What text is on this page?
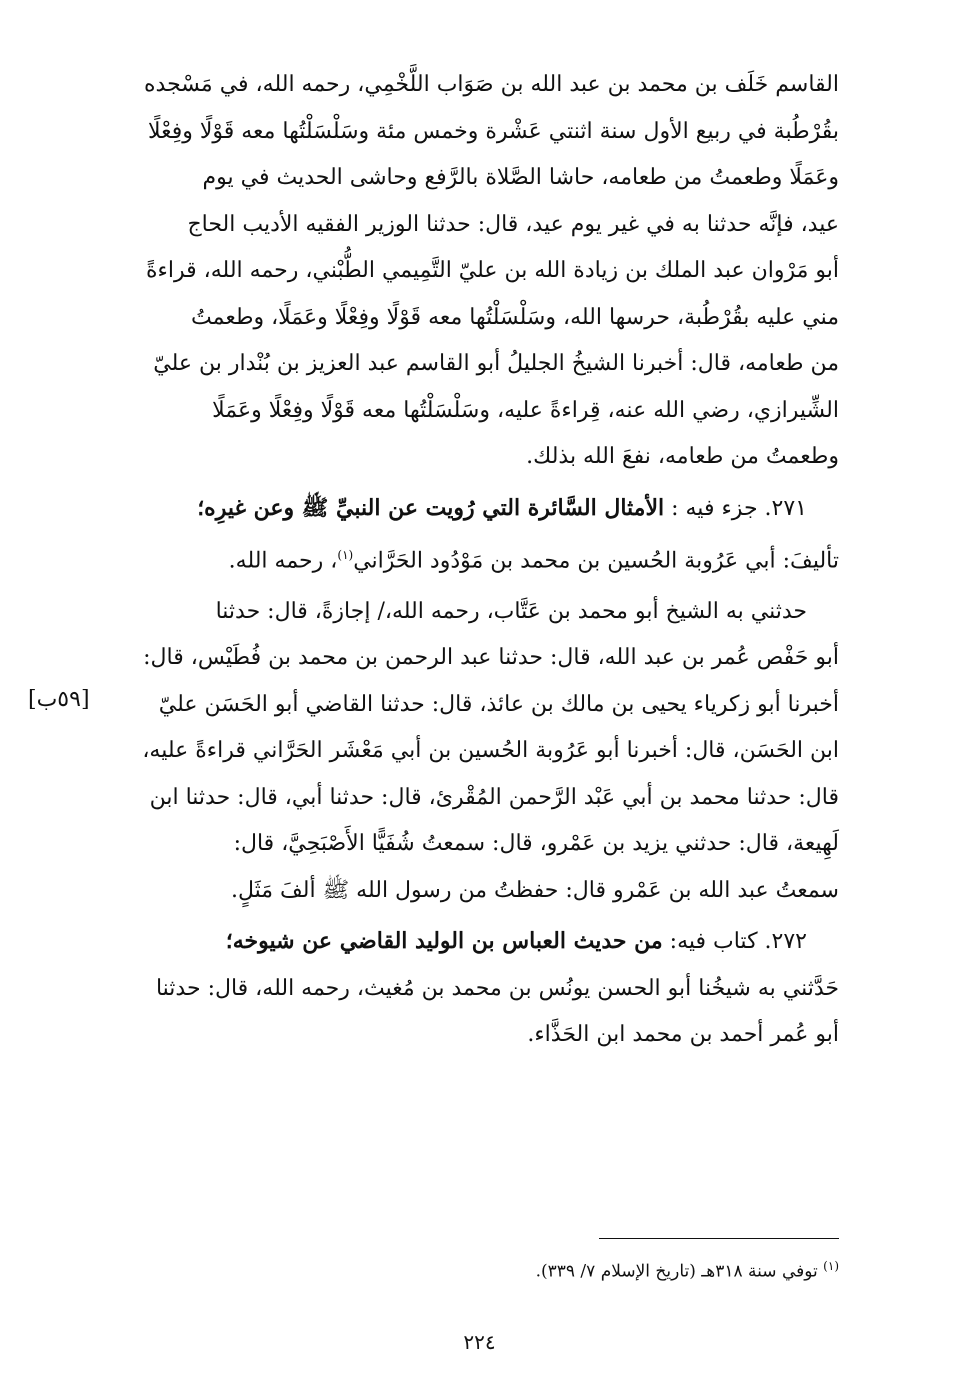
القاسم خَلَف بن محمد بن عبد الله بن صَوَاب اللَّخْمِي، رحمه الله، في مَسْجده
بقُرْطُبة في ربيع الأول سنة اثنتي عَشْرة وخمس مئة وسَلْسَلْتُها معه قَوْلًا وفِعْلًا
وعَمَلًا وطعمتُ من طعامه، حاشا الصَّلاة بالرَّفع وحاشى الحديث في يوم
عيد، فإنَّه حدثنا به في غير يوم عيد، قال: حدثنا الوزير الفقيه الأديب الحاج
أبو مَرْوان عبد الملك بن زيادة الله بن عليّ التَّمِيمي الطُّبْني، رحمه الله، قراءةً
مني عليه بقُرْطُبة، حرسها الله، وسَلْسَلْتُها معه قَوْلًا وفِعْلًا وعَمَلًا، وطعمتُ
من طعامه، قال: أخبرنا الشيخُ الجليلُ أبو القاسم عبد العزيز بن بُنْدار بن عليّ
الشِّيرازي، رضي الله عنه، قِراءةً عليه، وسَلْسَلْتُها معه قَوْلًا وفِعْلًا وعَمَلًا
وطعمتُ من طعامه، نفعَ الله بذلك.
٢٧١. جزء فيه : الأمثال السَّائرة التي رُويت عن النبيِّ ﷺ وعن غيرِه؛
تأليفَ: أبي عَرُوبة الحُسين بن محمد بن مَوْدُود الحَرَّاني$^{(١)}$، رحمه الله.
حدثني به الشيخ أبو محمد بن عَتَّاب، رحمه الله،/ إجازةً، قال: حدثنا
أبو حَفْص عُمر بن عبد الله، قال: حدثنا عبد الرحمن بن محمد بن فُطَيْس، قال:
أخبرنا أبو زكرياء يحيى بن مالك بن عائذ، قال: حدثنا القاضي أبو الحَسَن عليّ
ابن الحَسَن، قال: أخبرنا أبو عَرُوبة الحُسين بن أبي مَعْشَر الحَرَّاني قراءةً عليه،
قال: حدثنا محمد بن أبي عَبْد الرَّحمن المُقْرئ، قال: حدثنا أبي، قال: حدثنا ابن
لَهِيعة، قال: حدثني يزيد بن عَمْرو، قال: سمعتُ شُفَيًّا الأَصْبَحِيَّ، قال:
سمعتُ عبد الله بن عَمْرو قال: حفظتُ من رسول الله ﷺ ألفَ مَثَلٍ.
٢٧٢. كتاب فيه: من حديث العباس بن الوليد القاضي عن شيوخه؛
حَدَّثني به شيخُنا أبو الحسن يونُس بن محمد بن مُغيث، رحمه الله، قال: حدثنا
أبو عُمر أحمد بن محمد ابن الحَذَّاء.
[٥٩ب]
$^{(١)}$ توفي سنة ٣١٨هـ (تاريخ الإسلام ٧/ ٣٣٩).
٢٢٤
